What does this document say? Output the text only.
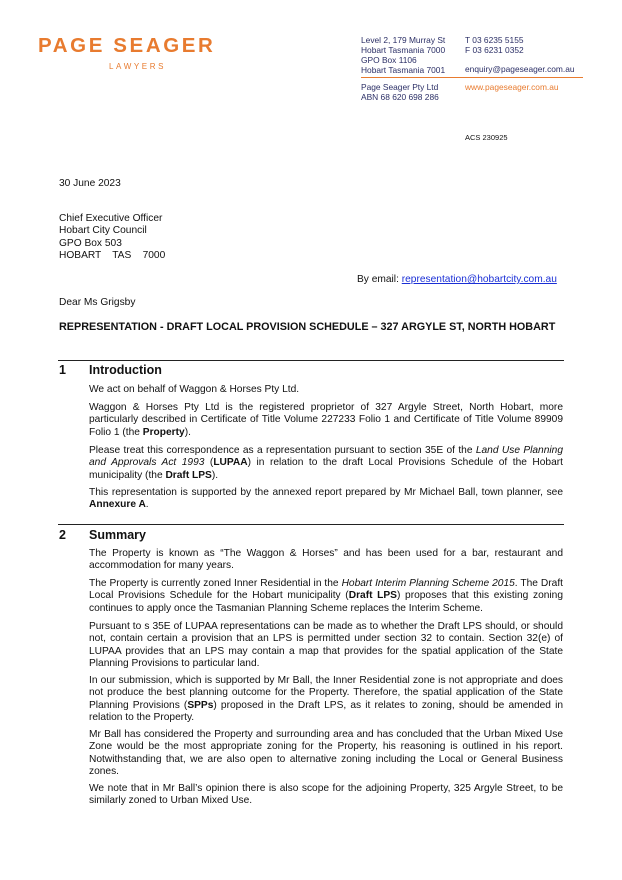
PAGE SEAGER
LAWYERS
Level 2, 179 Murray St
Hobart Tasmania 7000
GPO Box 1106
Hobart Tasmania 7001
T 03 6235 5155
F 03 6231 0352
enquiry@pageseager.com.au
Page Seager Pty Ltd
ABN 68 620 698 286
www.pageseager.com.au
ACS 230925
30 June 2023
Chief Executive Officer
Hobart City Council
GPO Box 503
HOBART    TAS    7000
By email: representation@hobartcity.com.au
Dear Ms Grigsby
REPRESENTATION - DRAFT LOCAL PROVISION SCHEDULE – 327 ARGYLE ST, NORTH HOBART
1 Introduction

We act on behalf of Waggon & Horses Pty Ltd.

Waggon & Horses Pty Ltd is the registered proprietor of 327 Argyle Street, North Hobart, more particularly described in Certificate of Title Volume 227233 Folio 1 and Certificate of Title Volume 89909 Folio 1 (the Property).

Please treat this correspondence as a representation pursuant to section 35E of the Land Use Planning and Approvals Act 1993 (LUPAA) in relation to the draft Local Provisions Schedule of the Hobart municipality (the Draft LPS).

This representation is supported by the annexed report prepared by Mr Michael Ball, town planner, see Annexure A.

2 Summary

The Property is known as “The Waggon & Horses” and has been used for a bar, restaurant and accommodation for many years.

The Property is currently zoned Inner Residential in the Hobart Interim Planning Scheme 2015. The Draft Local Provisions Schedule for the Hobart municipality (Draft LPS) proposes that this existing zoning continues to apply once the Tasmanian Planning Scheme replaces the Interim Scheme.

Pursuant to s 35E of LUPAA representations can be made as to whether the Draft LPS should, or should not, contain certain a provision that an LPS is permitted under section 32 to contain. Section 32(e) of LUPAA provides that an LPS may contain a map that provides for the spatial application of the State Planning Provisions to particular land.

In our submission, which is supported by Mr Ball, the Inner Residential zone is not appropriate and does not produce the best planning outcome for the Property. Therefore, the spatial application of the State Planning Provisions (SPPs) proposed in the Draft LPS, as it relates to zoning, should be amended in relation to the Property.

Mr Ball has considered the Property and surrounding area and has concluded that the Urban Mixed Use Zone would be the most appropriate zoning for the Property, his reasoning is outlined in his report. Notwithstanding that, we are also open to alternative zoning including the Local or General Business zones.

We note that in Mr Ball’s opinion there is also scope for the adjoining Property, 325 Argyle Street, to be similarly zoned to Urban Mixed Use.
